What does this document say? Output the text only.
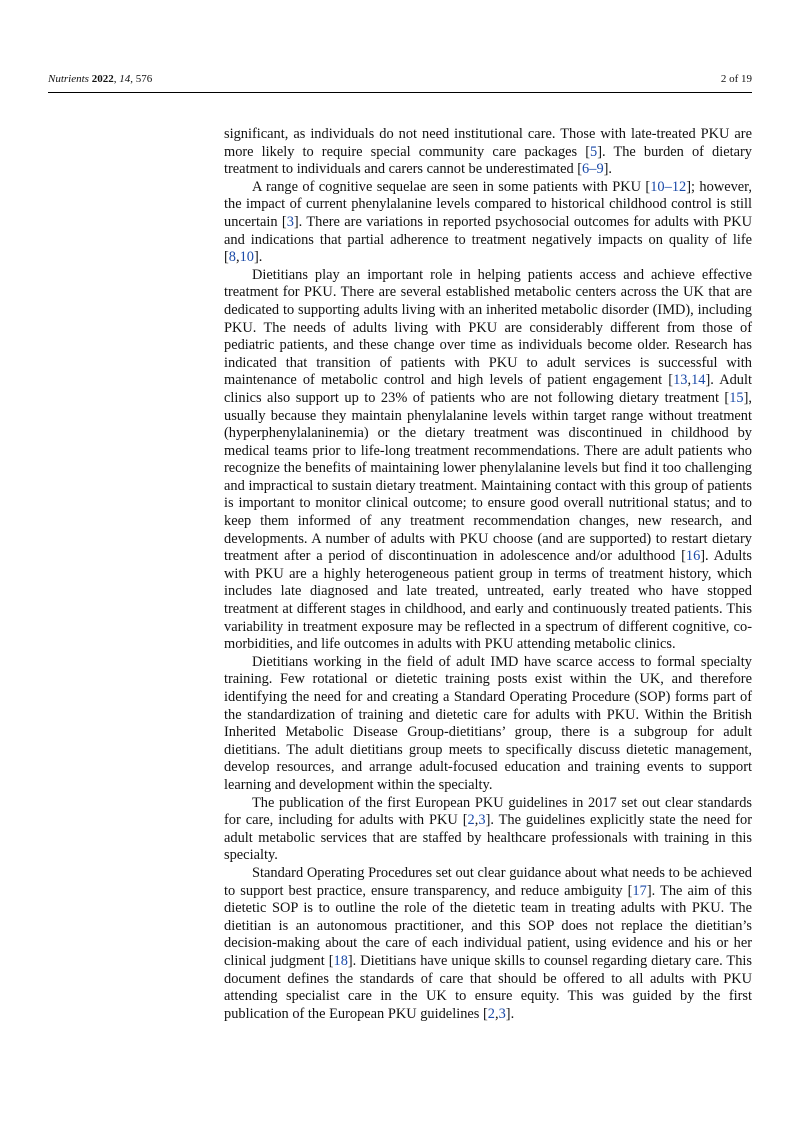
Nutrients 2022, 14, 576	2 of 19

significant, as individuals do not need institutional care. Those with late-treated PKU are more likely to require special community care packages [5]. The burden of dietary treatment to individuals and carers cannot be underestimated [6–9].

A range of cognitive sequelae are seen in some patients with PKU [10–12]; however, the impact of current phenylalanine levels compared to historical childhood control is still uncertain [3]. There are variations in reported psychosocial outcomes for adults with PKU and indications that partial adherence to treatment negatively impacts on quality of life [8,10].

Dietitians play an important role in helping patients access and achieve effective treatment for PKU. There are several established metabolic centers across the UK that are dedicated to supporting adults living with an inherited metabolic disorder (IMD), including PKU. The needs of adults living with PKU are considerably different from those of pediatric patients, and these change over time as individuals become older. Research has indicated that transition of patients with PKU to adult services is successful with maintenance of metabolic control and high levels of patient engagement [13,14]. Adult clinics also support up to 23% of patients who are not following dietary treatment [15], usually because they maintain phenylalanine levels within target range without treatment (hyperphenylalaninemia) or the dietary treatment was discontinued in childhood by medical teams prior to life-long treatment recommendations. There are adult patients who recognize the benefits of maintaining lower phenylalanine levels but find it too challenging and impractical to sustain dietary treatment. Maintaining contact with this group of patients is important to monitor clinical outcome; to ensure good overall nutritional status; and to keep them informed of any treatment recommendation changes, new research, and developments. A number of adults with PKU choose (and are supported) to restart dietary treatment after a period of discontinuation in adolescence and/or adulthood [16]. Adults with PKU are a highly heterogeneous patient group in terms of treatment history, which includes late diagnosed and late treated, untreated, early treated who have stopped treatment at different stages in childhood, and early and continuously treated patients. This variability in treatment exposure may be reflected in a spectrum of different cognitive, co-morbidities, and life outcomes in adults with PKU attending metabolic clinics.

Dietitians working in the field of adult IMD have scarce access to formal specialty training. Few rotational or dietetic training posts exist within the UK, and therefore identifying the need for and creating a Standard Operating Procedure (SOP) forms part of the standardization of training and dietetic care for adults with PKU. Within the British Inherited Metabolic Disease Group-dietitians’ group, there is a subgroup for adult dietitians. The adult dietitians group meets to specifically discuss dietetic management, develop resources, and arrange adult-focused education and training events to support learning and development within the specialty.

The publication of the first European PKU guidelines in 2017 set out clear standards for care, including for adults with PKU [2,3]. The guidelines explicitly state the need for adult metabolic services that are staffed by healthcare professionals with training in this specialty.

Standard Operating Procedures set out clear guidance about what needs to be achieved to support best practice, ensure transparency, and reduce ambiguity [17]. The aim of this dietetic SOP is to outline the role of the dietetic team in treating adults with PKU. The dietitian is an autonomous practitioner, and this SOP does not replace the dietitian’s decision-making about the care of each individual patient, using evidence and his or her clinical judgment [18]. Dietitians have unique skills to counsel regarding dietary care. This document defines the standards of care that should be offered to all adults with PKU attending specialist care in the UK to ensure equity. This was guided by the first publication of the European PKU guidelines [2,3].
